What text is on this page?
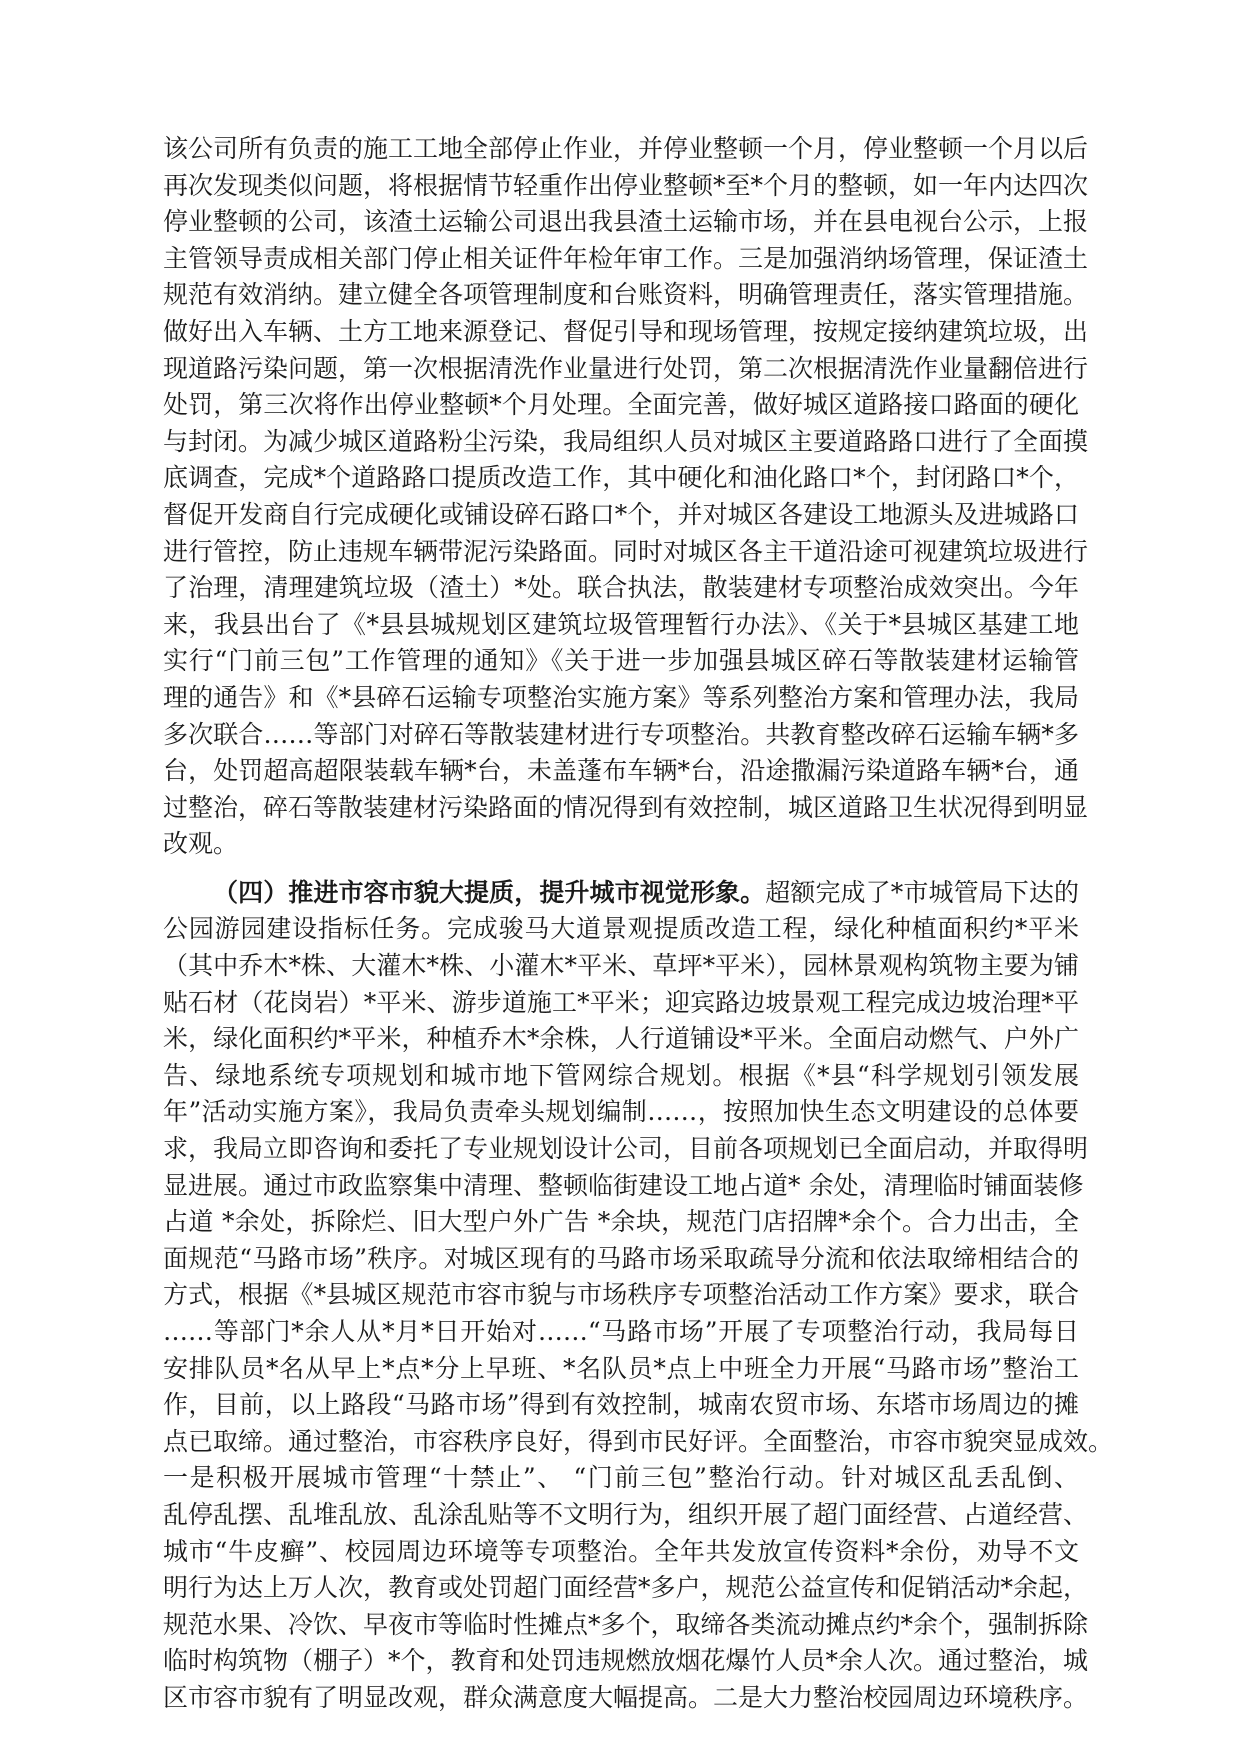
该公司所有负责的施工工地全部停止作业，并停业整顿一个月，停业整顿一个月以后
再次发现类似问题，将根据情节轻重作出停业整顿*至*个月的整顿，如一年内达四次
停业整顿的公司，该渣土运输公司退出我县渣土运输市场，并在县电视台公示，上报
主管领导责成相关部门停止相关证件年检年审工作。三是加强消纳场管理，保证渣土
规范有效消纳。建立健全各项管理制度和台账资料，明确管理责任，落实管理措施。
做好出入车辆、土方工地来源登记、督促引导和现场管理，按规定接纳建筑垃圾，出
现道路污染问题，第一次根据清洗作业量进行处罚，第二次根据清洗作业量翻倍进行
处罚，第三次将作出停业整顿*个月处理。全面完善，做好城区道路接口路面的硬化
与封闭。为减少城区道路粉尘污染，我局组织人员对城区主要道路路口进行了全面摸
底调查，完成*个道路路口提质改造工作，其中硬化和油化路口*个，封闭路口*个，
督促开发商自行完成硬化或铺设碎石路口*个，并对城区各建设工地源头及进城路口
进行管控，防止违规车辆带泥污染路面。同时对城区各主干道沿途可视建筑垃圾进行
了治理，清理建筑垃圾（渣土）*处。联合执法，散装建材专项整治成效突出。今年
来，我县出台了《*县县城规划区建筑垃圾管理暂行办法》、《关于*县城区基建工地
实行“门前三包”工作管理的通知》《关于进一步加强县城区碎石等散装建材运输管
理的通告》和《*县碎石运输专项整治实施方案》等系列整治方案和管理办法，我局
多次联合……等部门对碎石等散装建材进行专项整治。共教育整改碎石运输车辆*多
台，处罚超高超限装载车辆*台，未盖蓬布车辆*台，沿途撒漏污染道路车辆*台，通
过整治，碎石等散装建材污染路面的情况得到有效控制，城区道路卫生状况得到明显
改观。
（四）推进市容市貌大提质，提升城市视觉形象。超额完成了*市城管局下达的
公园游园建设指标任务。完成骏马大道景观提质改造工程，绿化种植面积约*平米
（其中乔木*株、大灌木*株、小灌木*平米、草坪*平米），园林景观构筑物主要为铺
贴石材（花岗岩）*平米、游步道施工*平米；迎宾路边坡景观工程完成边坡治理*平
米，绿化面积约*平米，种植乔木*余株，人行道铺设*平米。全面启动燃气、户外广
告、绿地系统专项规划和城市地下管网综合规划。根据《*县“科学规划引领发展
年”活动实施方案》，我局负责牵头规划编制……，按照加快生态文明建设的总体要
求，我局立即咨询和委托了专业规划设计公司，目前各项规划已全面启动，并取得明
显进展。通过市政监察集中清理、整顿临街建设工地占道* 余处，清理临时铺面装修
占道 *余处，拆除烂、旧大型户外广告 *余块，规范门店招牌*余个。合力出击，全
面规范“马路市场”秩序。对城区现有的马路市场采取疏导分流和依法取缔相结合的
方式，根据《*县城区规范市容市貌与市场秩序专项整治活动工作方案》要求，联合
……等部门*余人从*月*日开始对……“马路市场”开展了专项整治行动，我局每日
安排队员*名从早上*点*分上早班、*名队员*点上中班全力开展“马路市场”整治工
作，目前，以上路段“马路市场”得到有效控制，城南农贸市场、东塔市场周边的摊
点已取缔。通过整治，市容秩序良好，得到市民好评。全面整治，市容市貌突显成效。
一是积极开展城市管理“十禁止”、 “门前三包”整治行动。针对城区乱丢乱倒、
乱停乱摆、乱堆乱放、乱涂乱贴等不文明行为，组织开展了超门面经营、占道经营、
城市“牛皮癣”、校园周边环境等专项整治。全年共发放宣传资料*余份，劝导不文
明行为达上万人次，教育或处罚超门面经营*多户，规范公益宣传和促销活动*余起，
规范水果、冷饮、早夜市等临时性摊点*多个，取缔各类流动摊点约*余个，强制拆除
临时构筑物（棚子）*个，教育和处罚违规燃放烟花爆竹人员*余人次。通过整治，城
区市容市貌有了明显改观，群众满意度大幅提高。二是大力整治校园周边环境秩序。
